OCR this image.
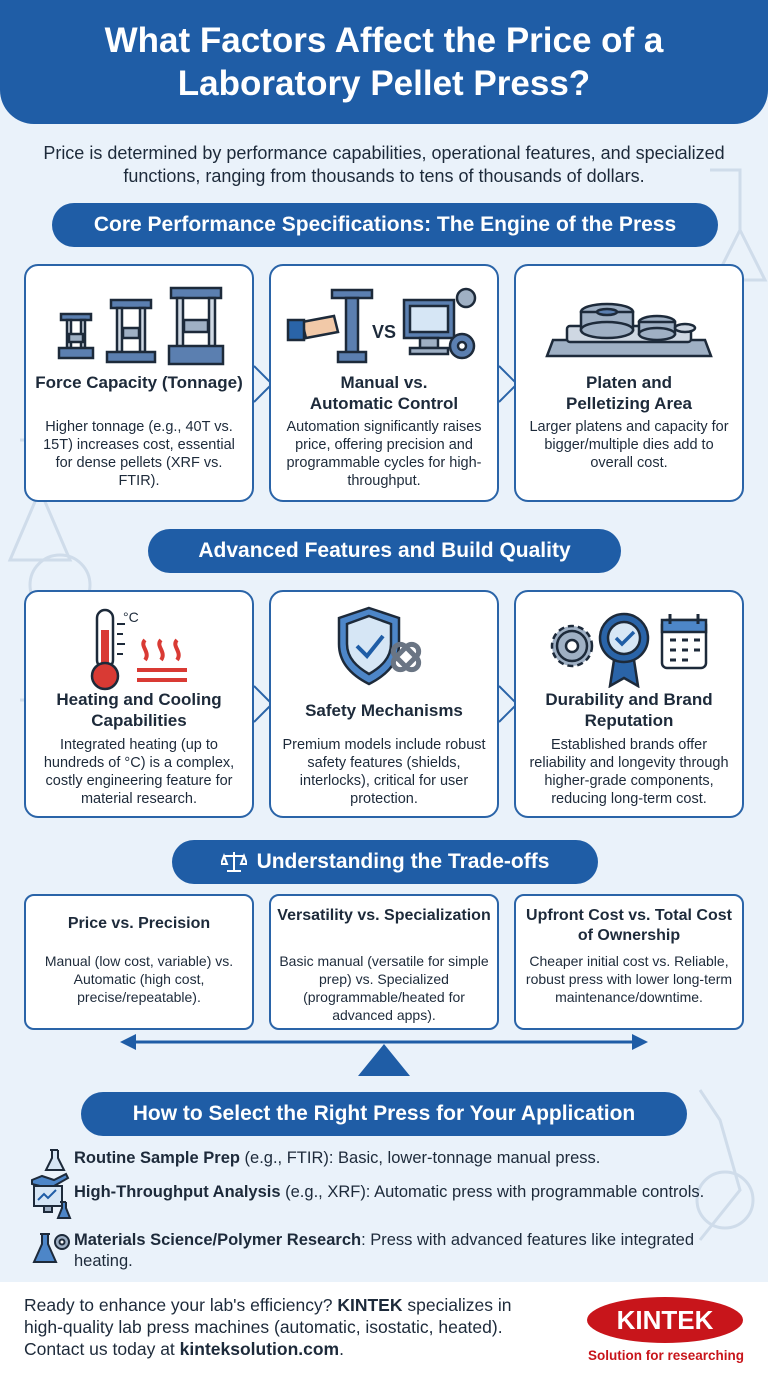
What Factors Affect the Price of a Laboratory Pellet Press?
Price is determined by performance capabilities, operational features, and specialized functions, ranging from thousands to tens of thousands of dollars.
Core Performance Specifications: The Engine of the Press
Force Capacity (Tonnage)
Higher tonnage (e.g., 40T vs. 15T) increases cost, essential for dense pellets (XRF vs. FTIR).
VS
Manual vs. Automatic Control
Automation significantly raises price, offering precision and programmable cycles for high-throughput.
Platen and Pelletizing Area
Larger platens and capacity for bigger/multiple dies add to overall cost.
Advanced Features and Build Quality
°C
Heating and Cooling Capabilities
Integrated heating (up to hundreds of °C) is a complex, costly engineering feature for material research.
Safety Mechanisms
Premium models include robust safety features (shields, interlocks), critical for user protection.
Durability and Brand Reputation
Established brands offer reliability and longevity through higher-grade components, reducing long-term cost.
Understanding the Trade-offs
Price vs. Precision
Manual (low cost, variable) vs. Automatic (high cost, precise/repeatable).
Versatility vs. Specialization
Basic manual (versatile for simple prep) vs. Specialized (programmable/heated for advanced apps).
Upfront Cost vs. Total Cost of Ownership
Cheaper initial cost vs. Reliable, robust press with lower long-term maintenance/downtime.
How to Select the Right Press for Your Application
Routine Sample Prep (e.g., FTIR): Basic, lower-tonnage manual press.
High-Throughput Analysis (e.g., XRF): Automatic press with programmable controls.
Materials Science/Polymer Research: Press with advanced features like integrated heating.
Ready to enhance your lab's efficiency? KINTEK specializes in high-quality lab press machines (automatic, isostatic, heated). Contact us today at kinteksolution.com.
KINTEK
Solution for researching
